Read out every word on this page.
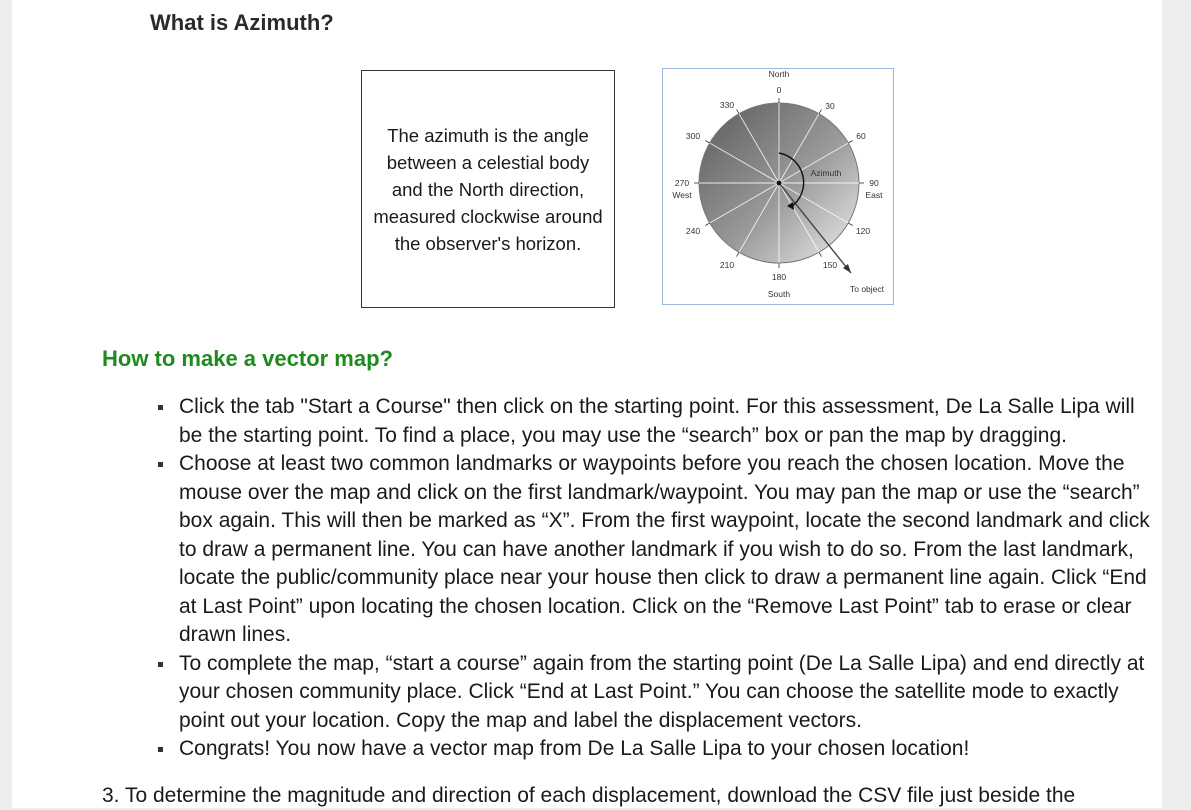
What is Azimuth?
The azimuth is the angle between a celestial body and the North direction, measured clockwise around the observer's horizon.
North
0
30
60
90
East
120
150
180
South
210
240
270
West
300
330
Azimuth
To object
How to make a vector map?
Click the tab "Start a Course" then click on the starting point. For this assessment, De La Salle Lipa will be the starting point. To find a place, you may use the “search” box or pan the map by dragging.
Choose at least two common landmarks or waypoints before you reach the chosen location. Move the mouse over the map and click on the first landmark/waypoint. You may pan the map or use the “search” box again. This will then be marked as “X”. From the first waypoint, locate the second landmark and click to draw a permanent line. You can have another landmark if you wish to do so. From the last landmark, locate the public/community place near your house then click to draw a permanent line again. Click “End at Last Point” upon locating the chosen location. Click on the “Remove Last Point” tab to erase or clear drawn lines.
To complete the map, “start a course” again from the starting point (De La Salle Lipa) and end directly at your chosen community place. Click “End at Last Point.” You can choose the satellite mode to exactly point out your location. Copy the map and label the displacement vectors.
Congrats! You now have a vector map from De La Salle Lipa to your chosen location!

3. To determine the magnitude and direction of each displacement, download the CSV file just beside the
